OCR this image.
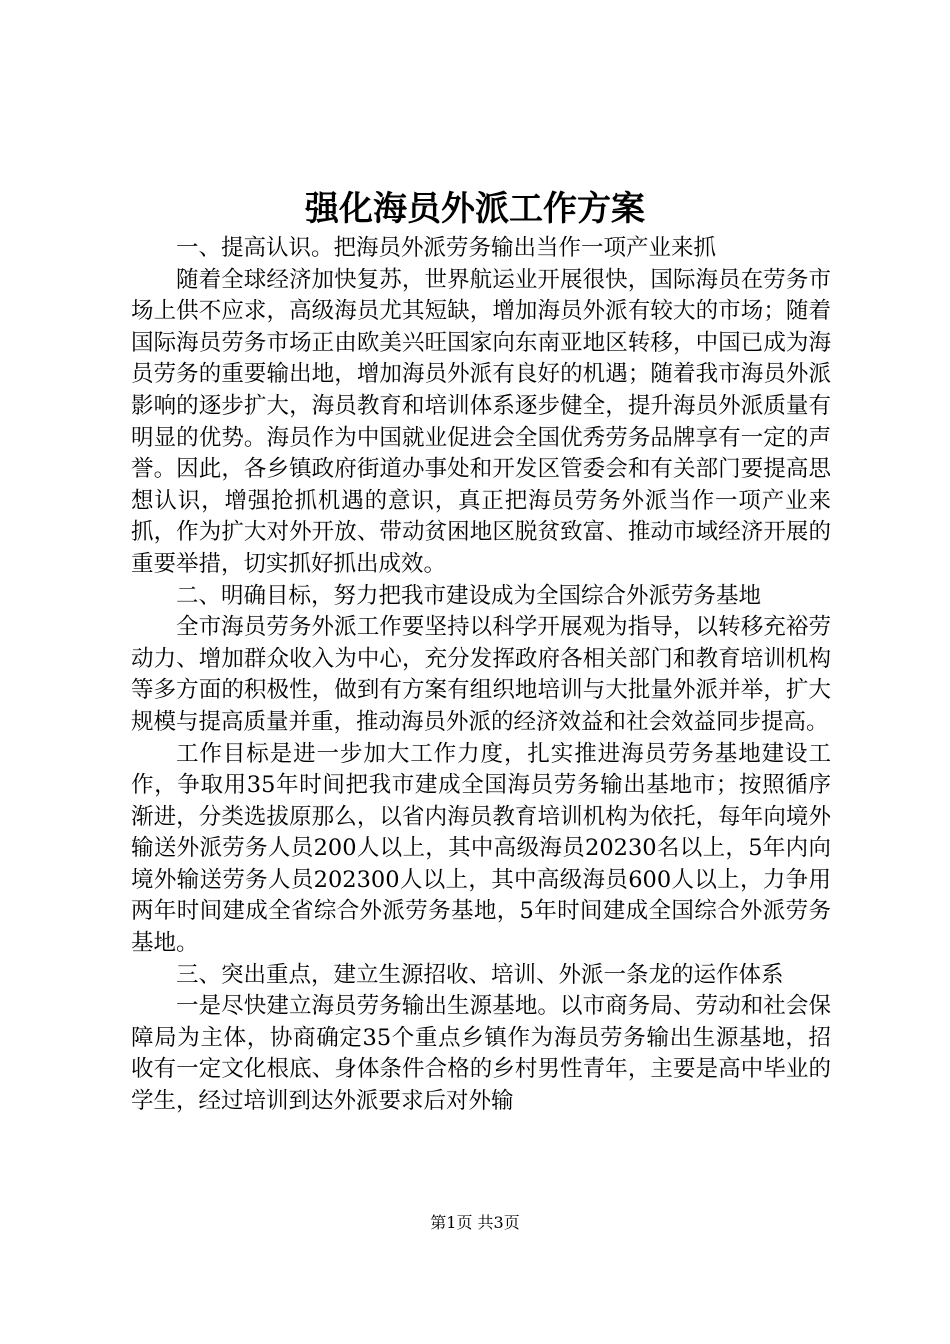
强化海员外派工作方案

一、提高认识。把海员外派劳务输出当作一项产业来抓

随着全球经济加快复苏，世界航运业开展很快，国际海员在劳务市场上供不应求，高级海员尤其短缺，增加海员外派有较大的市场；随着国际海员劳务市场正由欧美兴旺国家向东南亚地区转移，中国已成为海员劳务的重要输出地，增加海员外派有良好的机遇；随着我市海员外派影响的逐步扩大，海员教育和培训体系逐步健全，提升海员外派质量有明显的优势。海员作为中国就业促进会全国优秀劳务品牌享有一定的声誉。因此，各乡镇政府街道办事处和开发区管委会和有关部门要提高思想认识，增强抢抓机遇的意识，真正把海员劳务外派当作一项产业来抓，作为扩大对外开放、带动贫困地区脱贫致富、推动市域经济开展的重要举措，切实抓好抓出成效。

二、明确目标，努力把我市建设成为全国综合外派劳务基地

全市海员劳务外派工作要坚持以科学开展观为指导，以转移充裕劳动力、增加群众收入为中心，充分发挥政府各相关部门和教育培训机构等多方面的积极性，做到有方案有组织地培训与大批量外派并举，扩大规模与提高质量并重，推动海员外派的经济效益和社会效益同步提高。

工作目标是进一步加大工作力度，扎实推进海员劳务基地建设工作，争取用35年时间把我市建成全国海员劳务输出基地市；按照循序渐进，分类选拔原那么，以省内海员教育培训机构为依托，每年向境外输送外派劳务人员200人以上，其中高级海员20230名以上，5年内向境外输送劳务人员202300人以上，其中高级海员600人以上，力争用两年时间建成全省综合外派劳务基地，5年时间建成全国综合外派劳务基地。

三、突出重点，建立生源招收、培训、外派一条龙的运作体系

一是尽快建立海员劳务输出生源基地。以市商务局、劳动和社会保障局为主体，协商确定35个重点乡镇作为海员劳务输出生源基地，招收有一定文化根底、身体条件合格的乡村男性青年，主要是高中毕业的学生，经过培训到达外派要求后对外输

第1页 共3页
